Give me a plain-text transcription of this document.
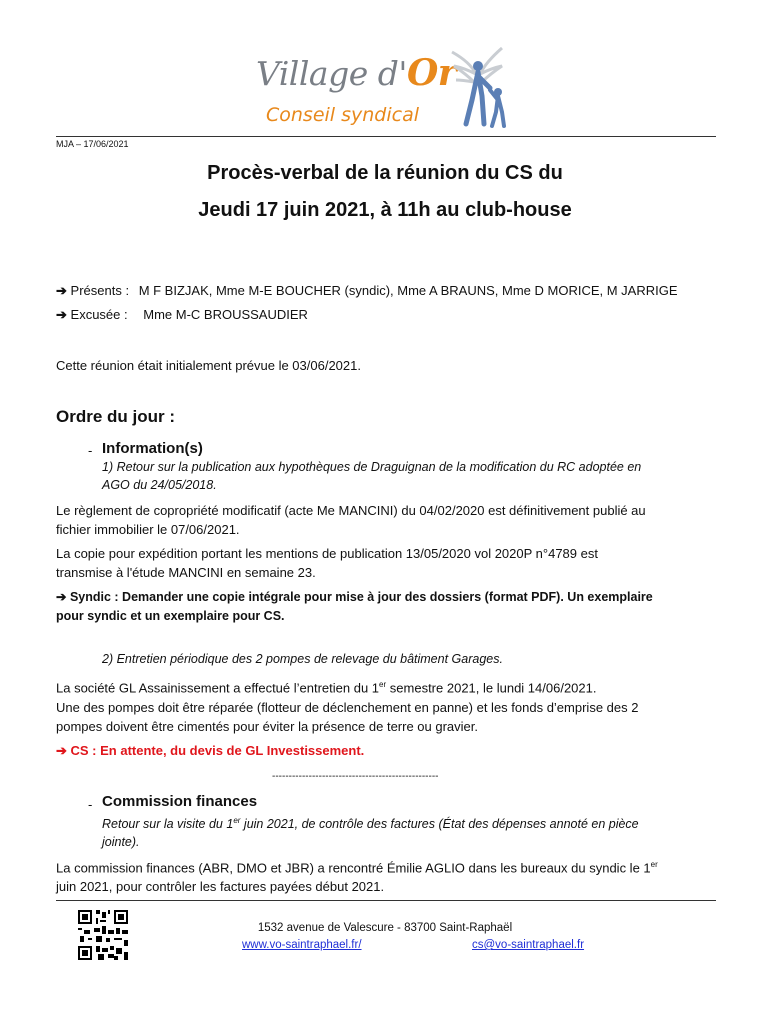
Village d'Or
Conseil syndical
MJA – 17/06/2021
Procès-verbal de la réunion du CS du
Jeudi 17 juin 2021, à 11h au club-house
➔ Présents : M F BIZJAK, Mme M-E BOUCHER (syndic), Mme A BRAUNS, Mme D MORICE, M JARRIGE
➔ Excusée : Mme M-C BROUSSAUDIER
Cette réunion était initialement prévue le 03/06/2021.
Ordre du jour :
- Information(s)
1) Retour sur la publication aux hypothèques de Draguignan de la modification du RC adoptée en
AGO du 24/05/2018.
Le règlement de copropriété modificatif (acte Me MANCINI) du 04/02/2020 est définitivement publié au
fichier immobilier le 07/06/2021.
La copie pour expédition portant les mentions de publication 13/05/2020 vol 2020P n°4789 est
transmise à l'étude MANCINI en semaine 23.
➔ Syndic : Demander une copie intégrale pour mise à jour des dossiers (format PDF). Un exemplaire
pour syndic et un exemplaire pour CS.
2) Entretien périodique des 2 pompes de relevage du bâtiment Garages.
La société GL Assainissement a effectué l’entretien du 1er semestre 2021, le lundi 14/06/2021.
Une des pompes doit être réparée (flotteur de déclenchement en panne) et les fonds d’emprise des 2
pompes doivent être cimentés pour éviter la présence de terre ou gravier.
➔ CS : En attente, du devis de GL Investissement.
--------------------------------------------------
- Commission finances
Retour sur la visite du 1er juin 2021, de contrôle des factures (État des dépenses annoté en pièce
jointe).
La commission finances (ABR, DMO et JBR) a rencontré Émilie AGLIO dans les bureaux du syndic le 1er
juin 2021, pour contrôler les factures payées début 2021.
1532 avenue de Valescure - 83700 Saint-Raphaël
www.vo-saintraphael.fr/	cs@vo-saintraphael.fr
